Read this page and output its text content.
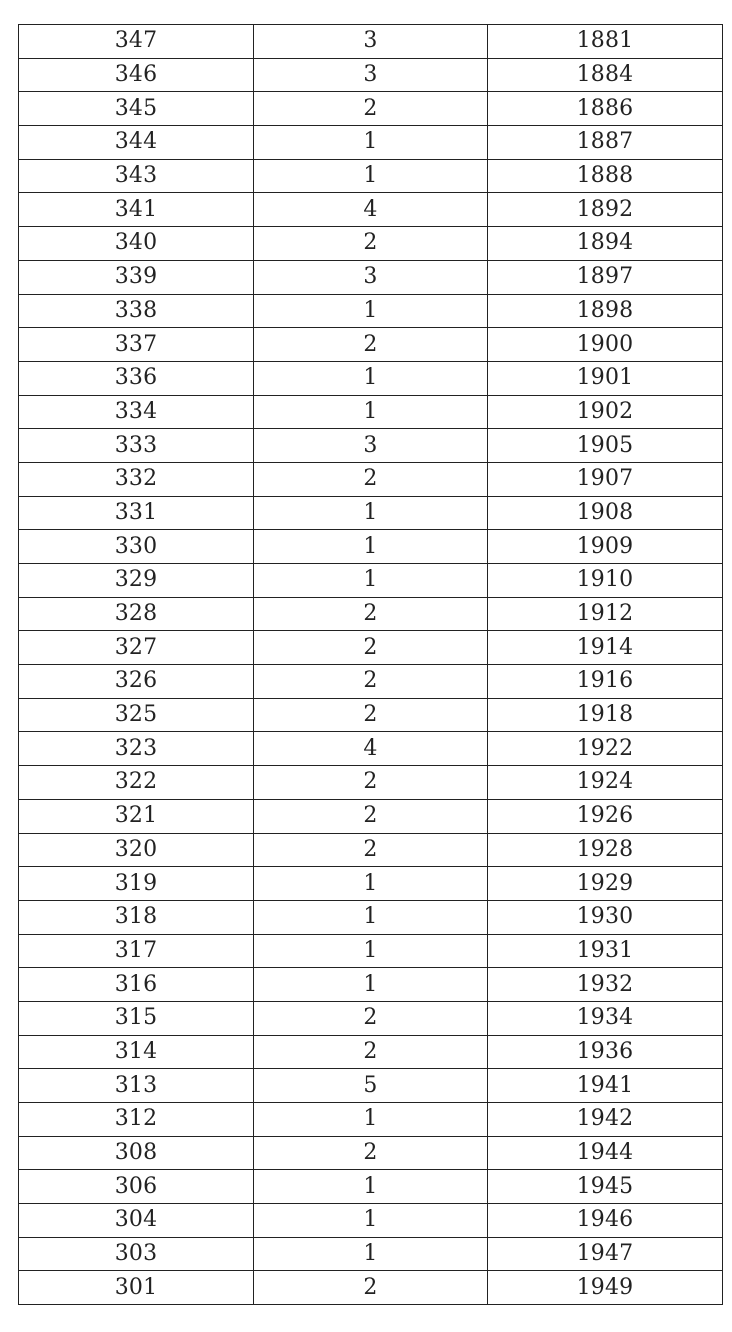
347	3	1881
346	3	1884
345	2	1886
344	1	1887
343	1	1888
341	4	1892
340	2	1894
339	3	1897
338	1	1898
337	2	1900
336	1	1901
334	1	1902
333	3	1905
332	2	1907
331	1	1908
330	1	1909
329	1	1910
328	2	1912
327	2	1914
326	2	1916
325	2	1918
323	4	1922
322	2	1924
321	2	1926
320	2	1928
319	1	1929
318	1	1930
317	1	1931
316	1	1932
315	2	1934
314	2	1936
313	5	1941
312	1	1942
308	2	1944
306	1	1945
304	1	1946
303	1	1947
301	2	1949
